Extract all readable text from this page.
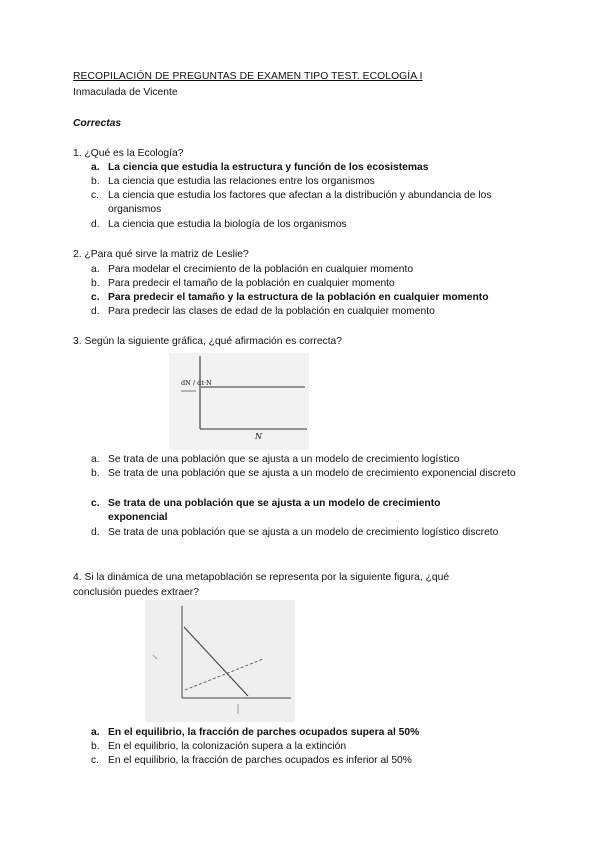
RECOPILACIÓN DE PREGUNTAS DE EXAMEN TIPO TEST. ECOLOGÍA I
Inmaculada de Vicente
Correctas
1. ¿Qué es la Ecología?
a. La ciencia que estudia la estructura y función de los ecosistemas
b. La ciencia que estudia las relaciones entre los organismos
c. La ciencia que estudia los factores que afectan a la distribución y abundancia de los organismos
d. La ciencia que estudia la biología de los organismos
2. ¿Para qué sirve la matriz de Leslie?
a. Para modelar el crecimiento de la población en cualquier momento
b. Para predecir el tamaño de la población en cualquier momento
c. Para predecir el tamaño y la estructura de la población en cualquier momento
d. Para predecir las clases de edad de la población en cualquier momento
3. Según la siguiente gráfica, ¿qué afirmación es correcta?
dN / dt·N
N
a. Se trata de una población que se ajusta a un modelo de crecimiento logístico
b. Se trata de una población que se ajusta a un modelo de crecimiento exponencial discreto
c. Se trata de una población que se ajusta a un modelo de crecimiento exponencial
d. Se trata de una población que se ajusta a un modelo de crecimiento logístico discreto
4. Si la dinámica de una metapoblación se representa por la siguiente figura, ¿qué conclusión puedes extraer?
a. En el equilibrio, la fracción de parches ocupados supera al 50%
b. En el equilibrio, la colonización supera a la extinción
c. En el equilibrio, la fracción de parches ocupados es inferior al 50%
